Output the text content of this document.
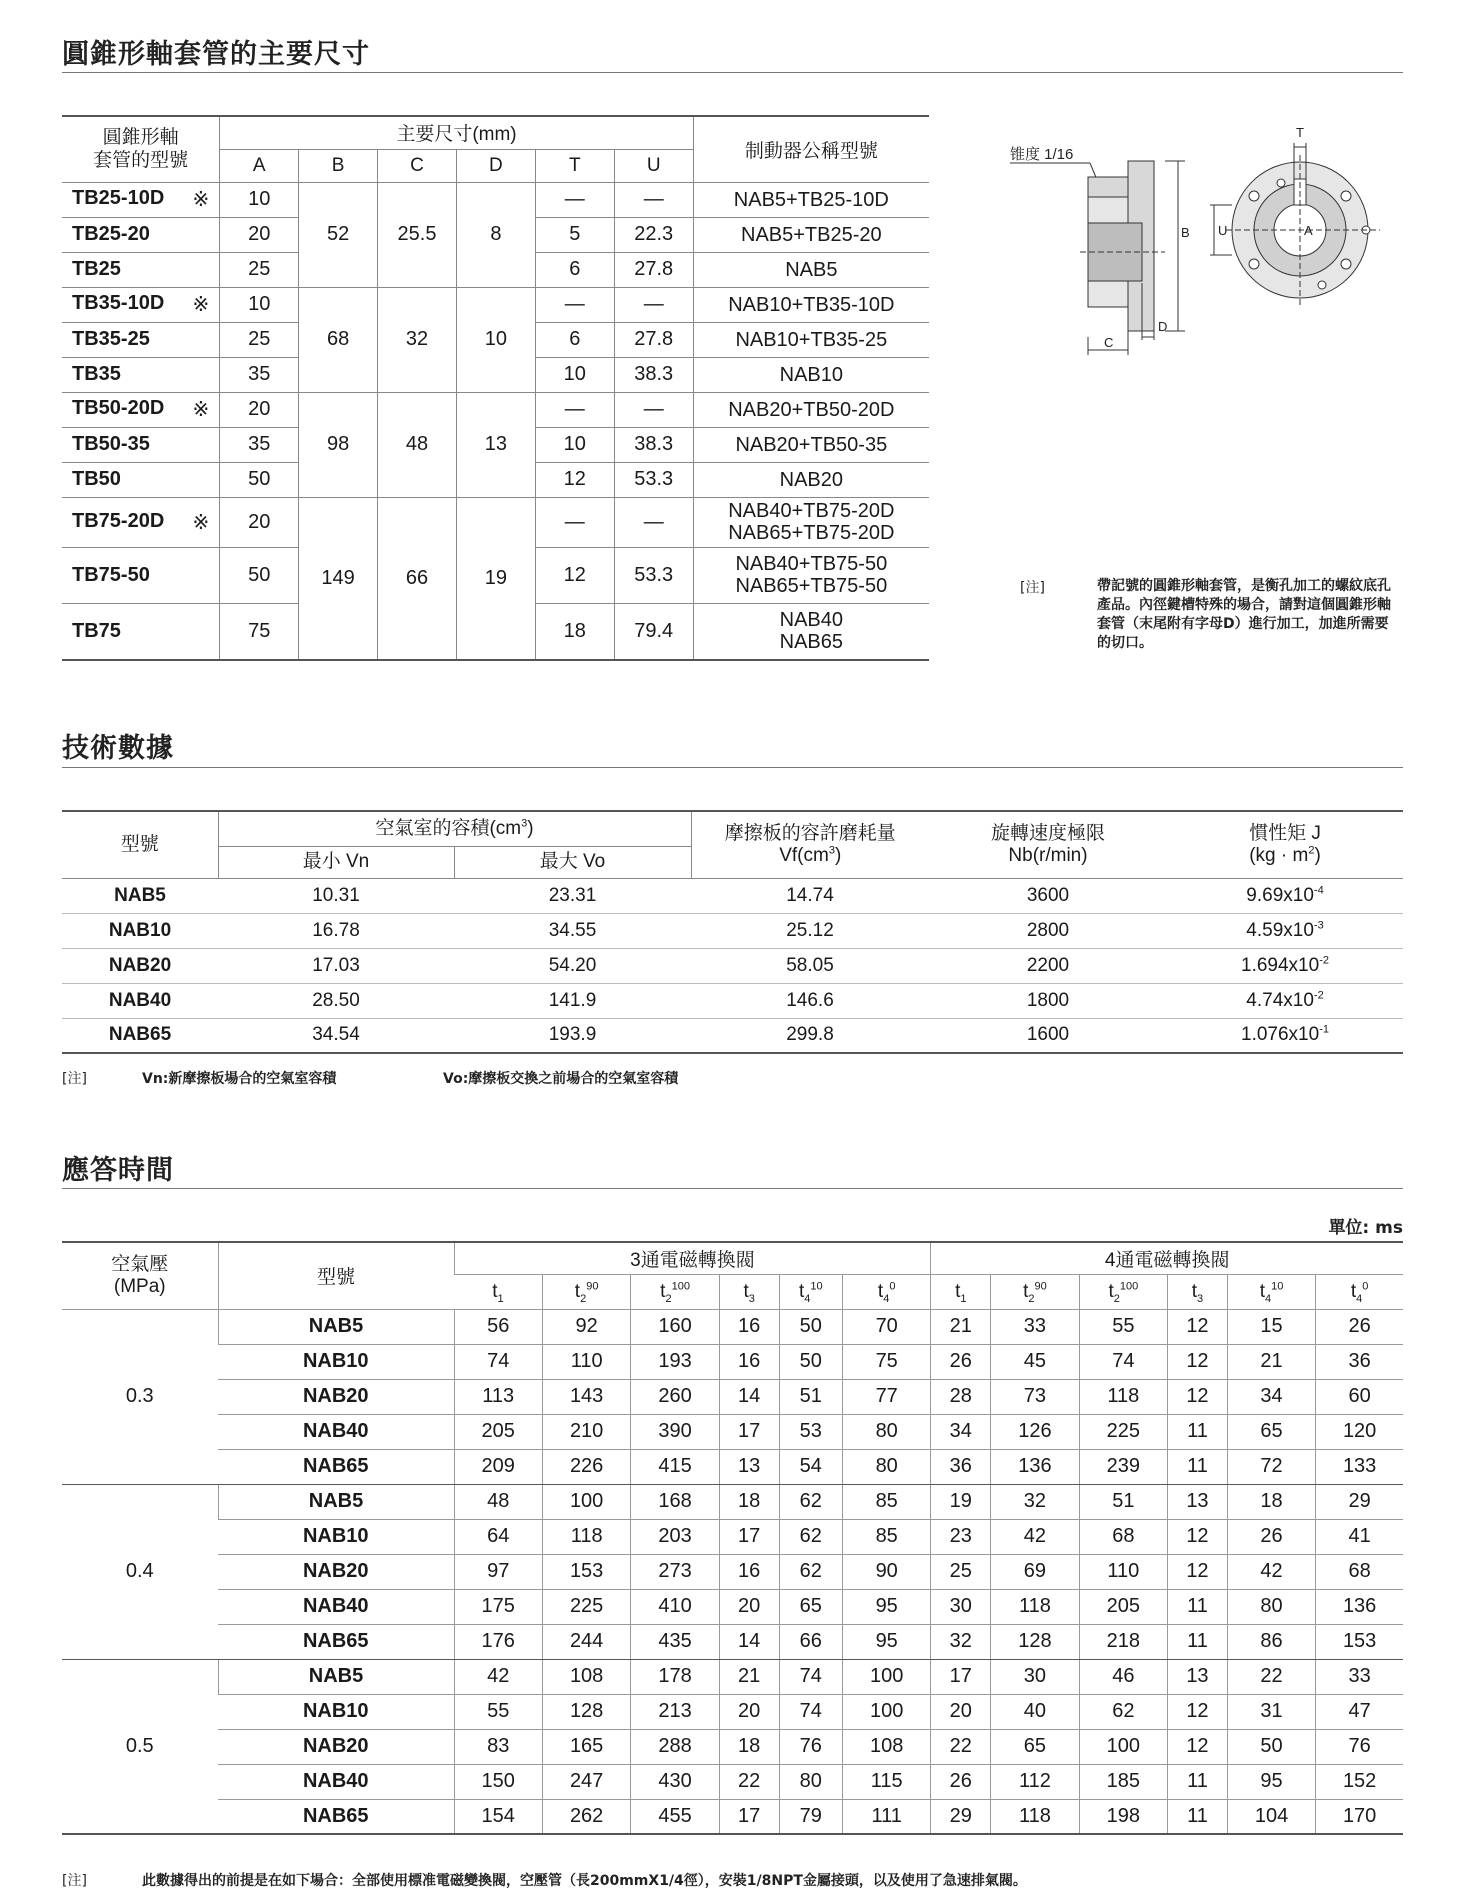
圓錐形軸套管的主要尺寸
圓錐形軸
套管的型號	主要尺寸(mm)						制動器公稱型號
	A	B	C	D	T	U	
TB25-10D ※	10	52	25.5	8	—	—	NAB5+TB25-10D
TB25-20	20				5	22.3	NAB5+TB25-20
TB25	25				6	27.8	NAB5
TB35-10D ※	10	68	32	10	—	—	NAB10+TB35-10D
TB35-25	25				6	27.8	NAB10+TB35-25
TB35	35				10	38.3	NAB10
TB50-20D ※	20	98	48	13	—	—	NAB20+TB50-20D
TB50-35	35				10	38.3	NAB20+TB50-35
TB50	50				12	53.3	NAB20
TB75-20D ※	20	149	66	19	—	—	NAB40+TB75-20D
NAB65+TB75-20D
TB75-50	50				12	53.3	NAB40+TB75-50
NAB65+TB75-50
TB75	75				18	79.4	NAB40
NAB65
锥度 1/16
B
C
D
A
U
T
[注]	帶記號的圓錐形軸套管，是衡孔加工的螺紋底孔產品。內徑鍵槽特殊的場合，請對這個圓錐形軸套管（末尾附有字母D）進行加工，加進所需要的切口。
技術數據
型號	空氣室的容積$(cm^3)$		摩擦板的容許磨耗量
$Vf(cm^3)$	旋轉速度極限
Nb(r/min)	慣性矩 J
$(kg \cdot m^2)$
	最小 Vn	最大 Vo			
NAB5	10.31	23.31	14.74	3600	$9.69x10^{-4}$
NAB10	16.78	34.55	25.12	2800	$4.59x10^{-3}$
NAB20	17.03	54.20	58.05	2200	$1.694x10^{-2}$
NAB40	28.50	141.9	146.6	1800	$4.74x10^{-2}$
NAB65	34.54	193.9	299.8	1600	$1.076x10^{-1}$
[注]	Vn:新摩擦板場合的空氣室容積	Vo:摩擦板交換之前場合的空氣室容積
應答時間
單位: ms
空氣壓
(MPa)	型號	3通電磁轉換閥						4通電磁轉換閥					
		$t_1$	$t_2^{90}$	$t_2^{100}$	$t_3$	$t_4^{10}$	$t_4^0$	$t_1$	$t_2^{90}$	$t_2^{100}$	$t_3$	$t_4^{10}$	$t_4^0$
0.3	NAB5	56	92	160	16	50	70	21	33	55	12	15	26
	NAB10	74	110	193	16	50	75	26	45	74	12	21	36
	NAB20	113	143	260	14	51	77	28	73	118	12	34	60
	NAB40	205	210	390	17	53	80	34	126	225	11	65	120
	NAB65	209	226	415	13	54	80	36	136	239	11	72	133
0.4	NAB5	48	100	168	18	62	85	19	32	51	13	18	29
	NAB10	64	118	203	17	62	85	23	42	68	12	26	41
	NAB20	97	153	273	16	62	90	25	69	110	12	42	68
	NAB40	175	225	410	20	65	95	30	118	205	11	80	136
	NAB65	176	244	435	14	66	95	32	128	218	11	86	153
0.5	NAB5	42	108	178	21	74	100	17	30	46	13	22	33
	NAB10	55	128	213	20	74	100	20	40	62	12	31	47
	NAB20	83	165	288	18	76	108	22	65	100	12	50	76
	NAB40	150	247	430	22	80	115	26	112	185	11	95	152
	NAB65	154	262	455	17	79	111	29	118	198	11	104	170
[注]	此數據得出的前提是在如下場合：全部使用標准電磁變換閥，空壓管（長200mmX1/4徑），安裝1/8NPT金屬接頭，以及使用了急速排氣閥。
